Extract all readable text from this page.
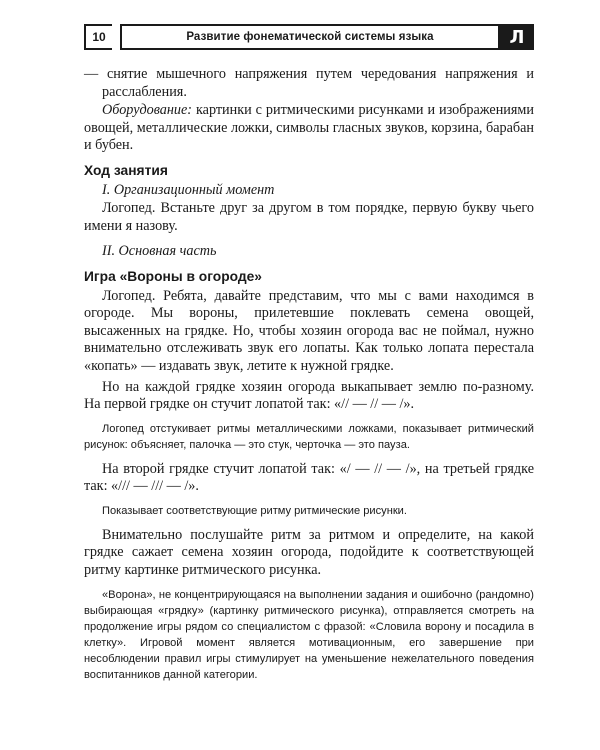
10	Развитие фонематической системы языка	Л

— снятие мышечного напряжения путем чередования напряжения и расслабления.

Оборудование: картинки с ритмическими рисунками и изображениями овощей, металлические ложки, символы гласных звуков, корзина, барабан и бубен.

Ход занятия

I. Организационный момент

Логопед. Встаньте друг за другом в том порядке, первую букву чьего имени я назову.

II. Основная часть

Игра «Вороны в огороде»

Логопед. Ребята, давайте представим, что мы с вами находимся в огороде. Мы вороны, прилетевшие поклевать семена овощей, высаженных на грядке. Но, чтобы хозяин огорода вас не поймал, нужно внимательно отслеживать звук его лопаты. Как только лопата перестала «копать» — издавать звук, летите к нужной грядке.

Но на каждой грядке хозяин огорода выкапывает землю по-разному. На первой грядке он стучит лопатой так: «// — // — /».

Логопед отстукивает ритмы металлическими ложками, показывает ритмический рисунок: объясняет, палочка — это стук, черточка — это пауза.

На второй грядке стучит лопатой так: «/ — // — /», на третьей грядке так: «/// — /// — /».

Показывает соответствующие ритму ритмические рисунки.

Внимательно послушайте ритм за ритмом и определите, на какой грядке сажает семена хозяин огорода, подойдите к соответствующей ритму картинке ритмического рисунка.

«Ворона», не концентрирующаяся на выполнении задания и ошибочно (рандомно) выбирающая «грядку» (картинку ритмического рисунка), отправляется смотреть на продолжение игры рядом со специалистом с фразой: «Словила ворону и посадила в клетку». Игровой момент является мотивационным, его завершение при несоблюдении правил игры стимулирует на уменьшение нежелательного поведения воспитанников данной категории.
